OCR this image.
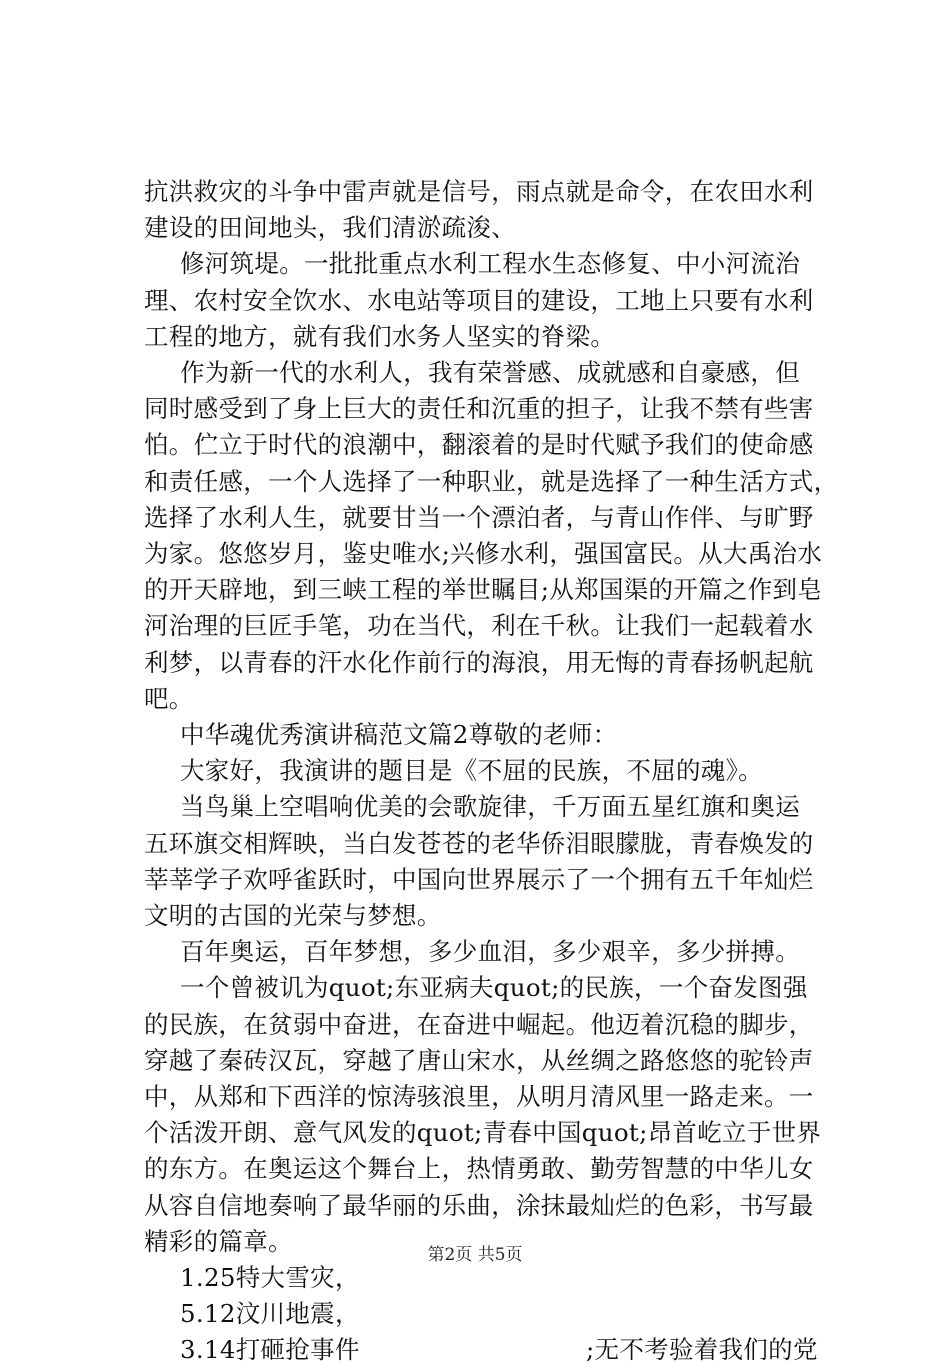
抗洪救灾的斗争中雷声就是信号，雨点就是命令，在农田水利
建设的田间地头，我们清淤疏浚、
修河筑堤。一批批重点水利工程水生态修复、中小河流治
理、农村安全饮水、水电站等项目的建设，工地上只要有水利
工程的地方，就有我们水务人坚实的脊梁。
作为新一代的水利人，我有荣誉感、成就感和自豪感，但
同时感受到了身上巨大的责任和沉重的担子，让我不禁有些害
怕。伫立于时代的浪潮中，翻滚着的是时代赋予我们的使命感
和责任感，一个人选择了一种职业，就是选择了一种生活方式，
选择了水利人生，就要甘当一个漂泊者，与青山作伴、与旷野
为家。悠悠岁月，鉴史唯水;兴修水利，强国富民。从大禹治水
的开天辟地，到三峡工程的举世瞩目;从郑国渠的开篇之作到皂
河治理的巨匠手笔，功在当代，利在千秋。让我们一起载着水
利梦，以青春的汗水化作前行的海浪，用无悔的青春扬帆起航
吧。
中华魂优秀演讲稿范文篇2尊敬的老师：
大家好，我演讲的题目是《不屈的民族，不屈的魂》。
当鸟巢上空唱响优美的会歌旋律，千万面五星红旗和奥运
五环旗交相辉映，当白发苍苍的老华侨泪眼朦胧，青春焕发的
莘莘学子欢呼雀跃时，中国向世界展示了一个拥有五千年灿烂
文明的古国的光荣与梦想。
百年奥运，百年梦想，多少血泪，多少艰辛，多少拼搏。
一个曾被讥为quot;东亚病夫quot;的民族，一个奋发图强
的民族，在贫弱中奋进，在奋进中崛起。他迈着沉稳的脚步，
穿越了秦砖汉瓦，穿越了唐山宋水，从丝绸之路悠悠的驼铃声
中，从郑和下西洋的惊涛骇浪里，从明月清风里一路走来。一
个活泼开朗、意气风发的quot;青春中国quot;昂首屹立于世界
的东方。在奥运这个舞台上，热情勇敢、勤劳智慧的中华儿女
从容自信地奏响了最华丽的乐曲，涂抹最灿烂的色彩，书写最
精彩的篇章。
1.25特大雪灾，
5.12汶川地震，
3.14打砸抢事件	;无不考验着我们的党
第2页 共5页
